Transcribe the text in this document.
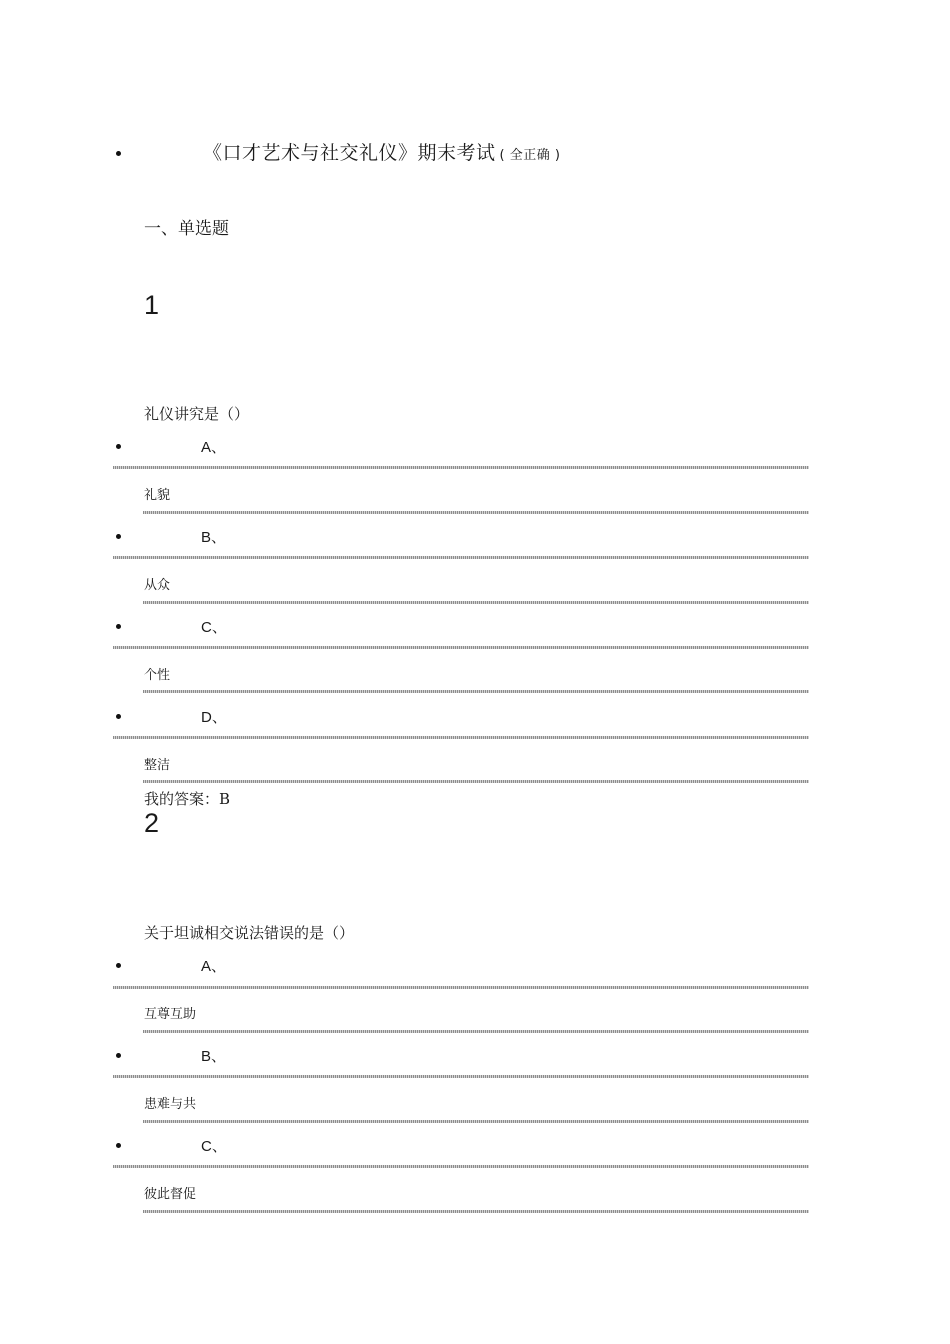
《口才艺术与社交礼仪》期末考试 ( 全正确 )
一、单选题
1
礼仪讲究是（）
A、
礼貌
B、
从众
C、
个性
D、
整洁
我的答案：B
2
关于坦诚相交说法错误的是（）
A、
互尊互助
B、
患难与共
C、
彼此督促
